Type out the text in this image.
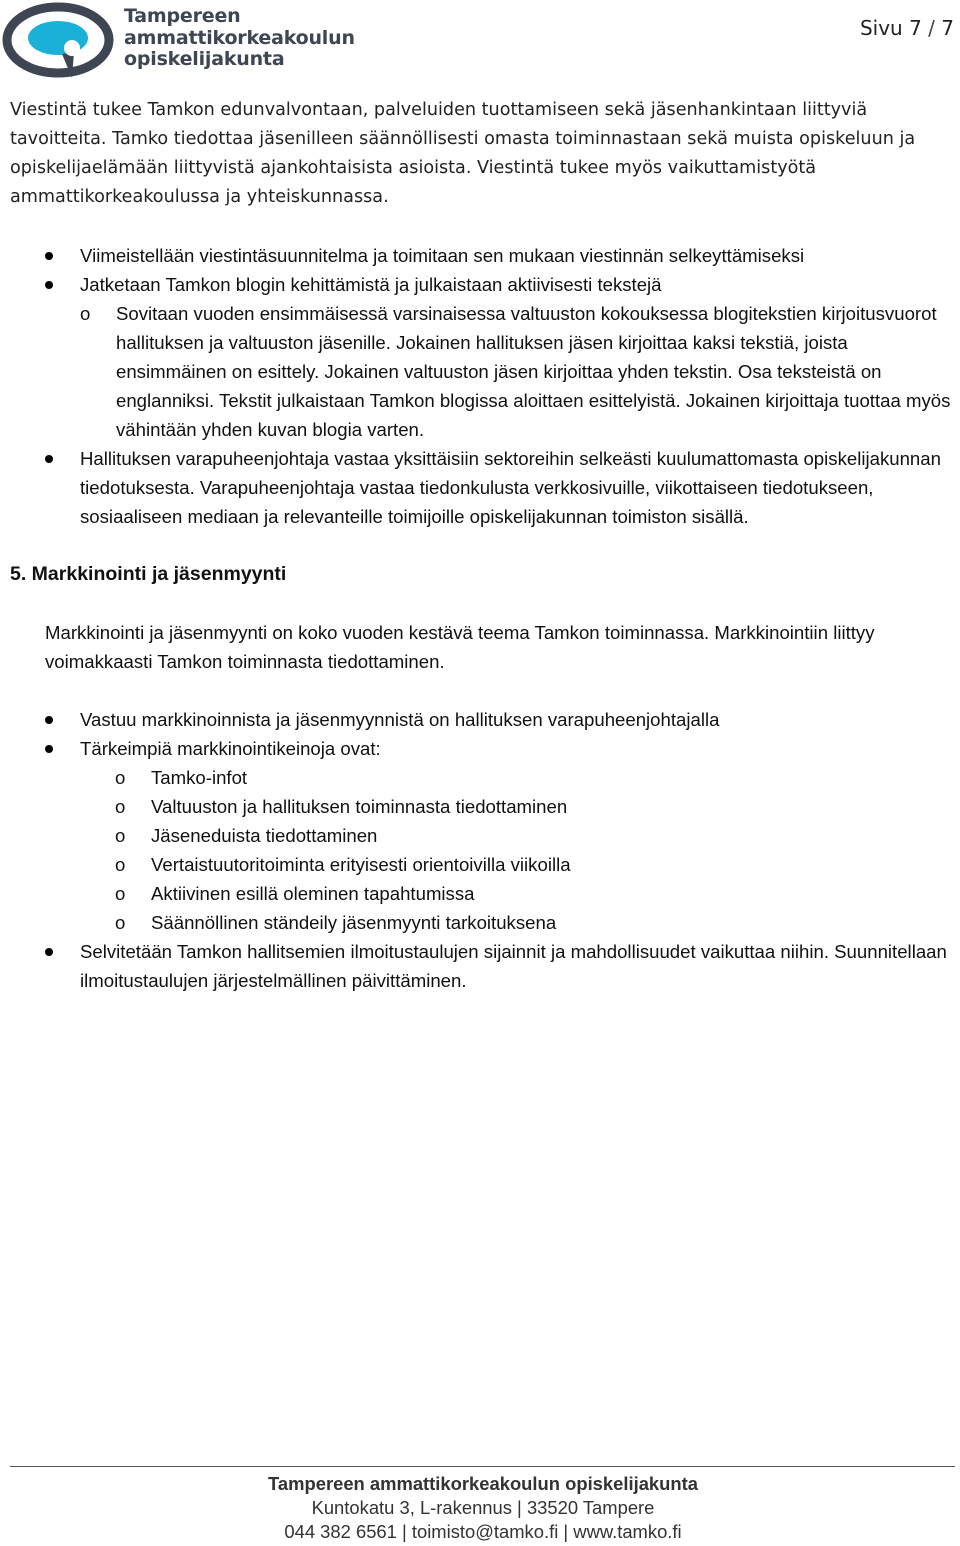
Tampereen
ammattikorkeakoulun
opiskelijakunta
Sivu 7 / 7

Viestintä tukee Tamkon edunvalvontaan, palveluiden tuottamiseen sekä jäsenhankintaan liittyviä tavoitteita. Tamko tiedottaa jäsenilleen säännöllisesti omasta toiminnastaan sekä muista opiskeluun ja opiskelijaelämään liittyvistä ajankohtaisista asioista. Viestintä tukee myös vaikuttamistyötä ammattikorkeakoulussa ja yhteiskunnassa.

Viimeistellään viestintäsuunnitelma ja toimitaan sen mukaan viestinnän selkeyttämiseksi
Jatketaan Tamkon blogin kehittämistä ja julkaistaan aktiivisesti tekstejä
o Sovitaan vuoden ensimmäisessä varsinaisessa valtuuston kokouksessa blogitekstien kirjoitusvuorot hallituksen ja valtuuston jäsenille. Jokainen hallituksen jäsen kirjoittaa kaksi tekstiä, joista ensimmäinen on esittely. Jokainen valtuuston jäsen kirjoittaa yhden tekstin. Osa teksteistä on englanniksi. Tekstit julkaistaan Tamkon blogissa aloittaen esittelyistä. Jokainen kirjoittaja tuottaa myös vähintään yhden kuvan blogia varten.
Hallituksen varapuheenjohtaja vastaa yksittäisiin sektoreihin selkeästi kuulumattomasta opiskelijakunnan tiedotuksesta. Varapuheenjohtaja vastaa tiedonkulusta verkkosivuille, viikottaiseen tiedotukseen, sosiaaliseen mediaan ja relevanteille toimijoille opiskelijakunnan toimiston sisällä.
5. Markkinointi ja jäsenmyynti

Markkinointi ja jäsenmyynti on koko vuoden kestävä teema Tamkon toiminnassa. Markkinointiin liittyy voimakkaasti Tamkon toiminnasta tiedottaminen.

Vastuu markkinoinnista ja jäsenmyynnistä on hallituksen varapuheenjohtajalla
Tärkeimpiä markkinointikeinoja ovat:
o Tamko-infot
o Valtuuston ja hallituksen toiminnasta tiedottaminen
o Jäseneduista tiedottaminen
o Vertaistuutoritoiminta erityisesti orientoivilla viikoilla
o Aktiivinen esillä oleminen tapahtumissa
o Säännöllinen ständeily jäsenmyynti tarkoituksena
Selvitetään Tamkon hallitsemien ilmoitustaulujen sijainnit ja mahdollisuudet vaikuttaa niihin. Suunnitellaan ilmoitustaulujen järjestelmällinen päivittäminen.
Tampereen ammattikorkeakoulun opiskelijakunta
Kuntokatu 3, L-rakennus | 33520 Tampere
044 382 6561 | toimisto@tamko.fi | www.tamko.fi
